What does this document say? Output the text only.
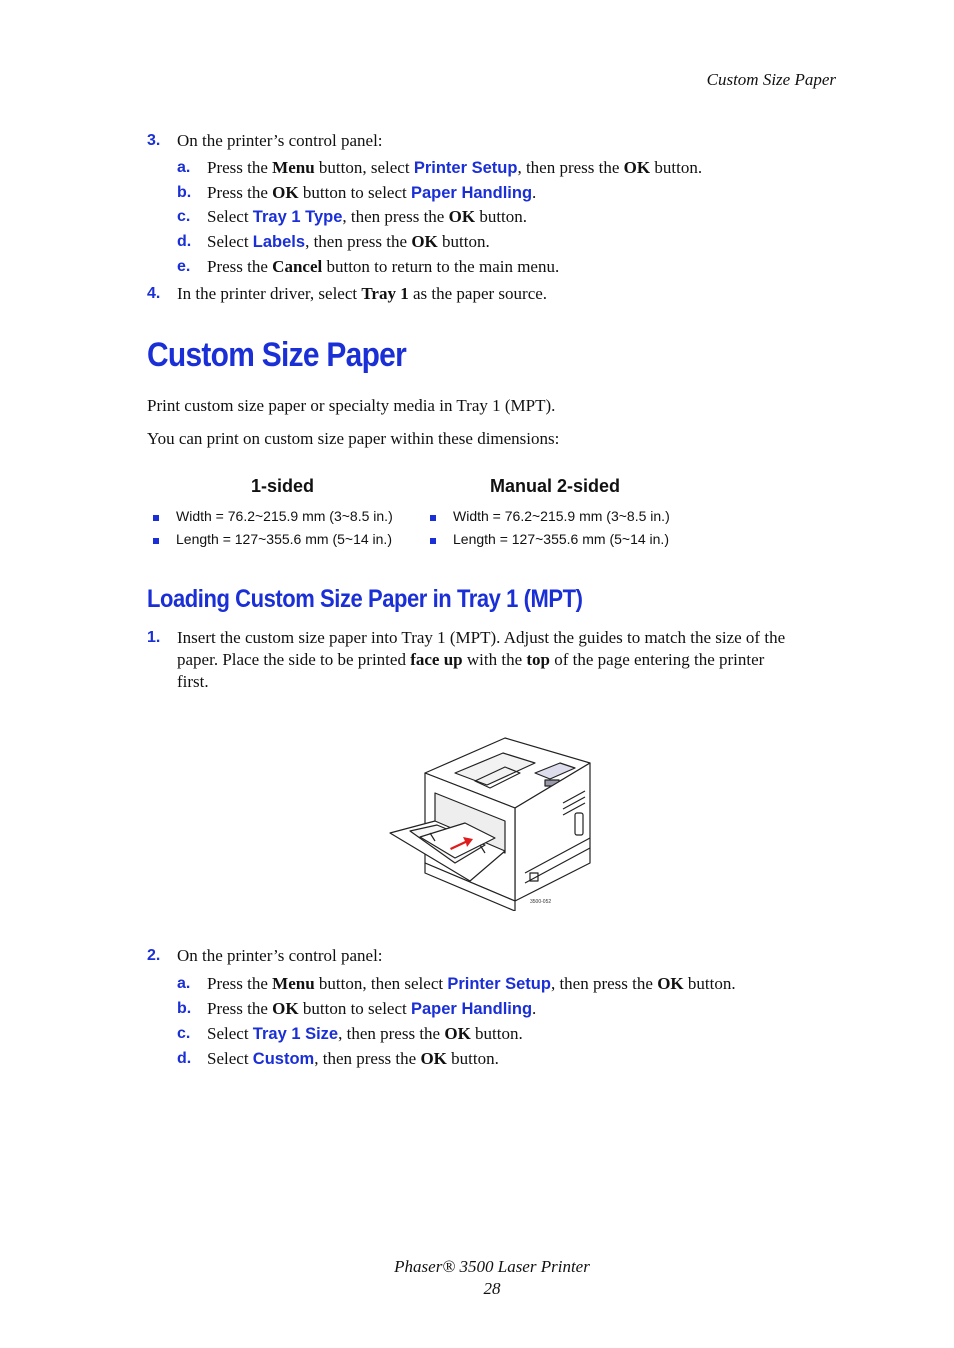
Custom Size Paper
3. On the printer’s control panel:
a. Press the Menu button, select Printer Setup, then press the OK button.
b. Press the OK button to select Paper Handling.
c. Select Tray 1 Type, then press the OK button.
d. Select Labels, then press the OK button.
e. Press the Cancel button to return to the main menu.
4. In the printer driver, select Tray 1 as the paper source.
Custom Size Paper
Print custom size paper or specialty media in Tray 1 (MPT).
You can print on custom size paper within these dimensions:
1-sided	Manual 2-sided
Width = 76.2~215.9 mm (3~8.5 in.)
Length = 127~355.6 mm (5~14 in.)
Width = 76.2~215.9 mm (3~8.5 in.)
Length = 127~355.6 mm (5~14 in.)
Loading Custom Size Paper in Tray 1 (MPT)
1. Insert the custom size paper into Tray 1 (MPT). Adjust the guides to match the size of the
paper. Place the side to be printed face up with the top of the page entering the printer
first.
3500-052
2. On the printer’s control panel:
a. Press the Menu button, then select Printer Setup, then press the OK button.
b. Press the OK button to select Paper Handling.
c. Select Tray 1 Size, then press the OK button.
d. Select Custom, then press the OK button.
Phaser® 3500 Laser Printer
28
